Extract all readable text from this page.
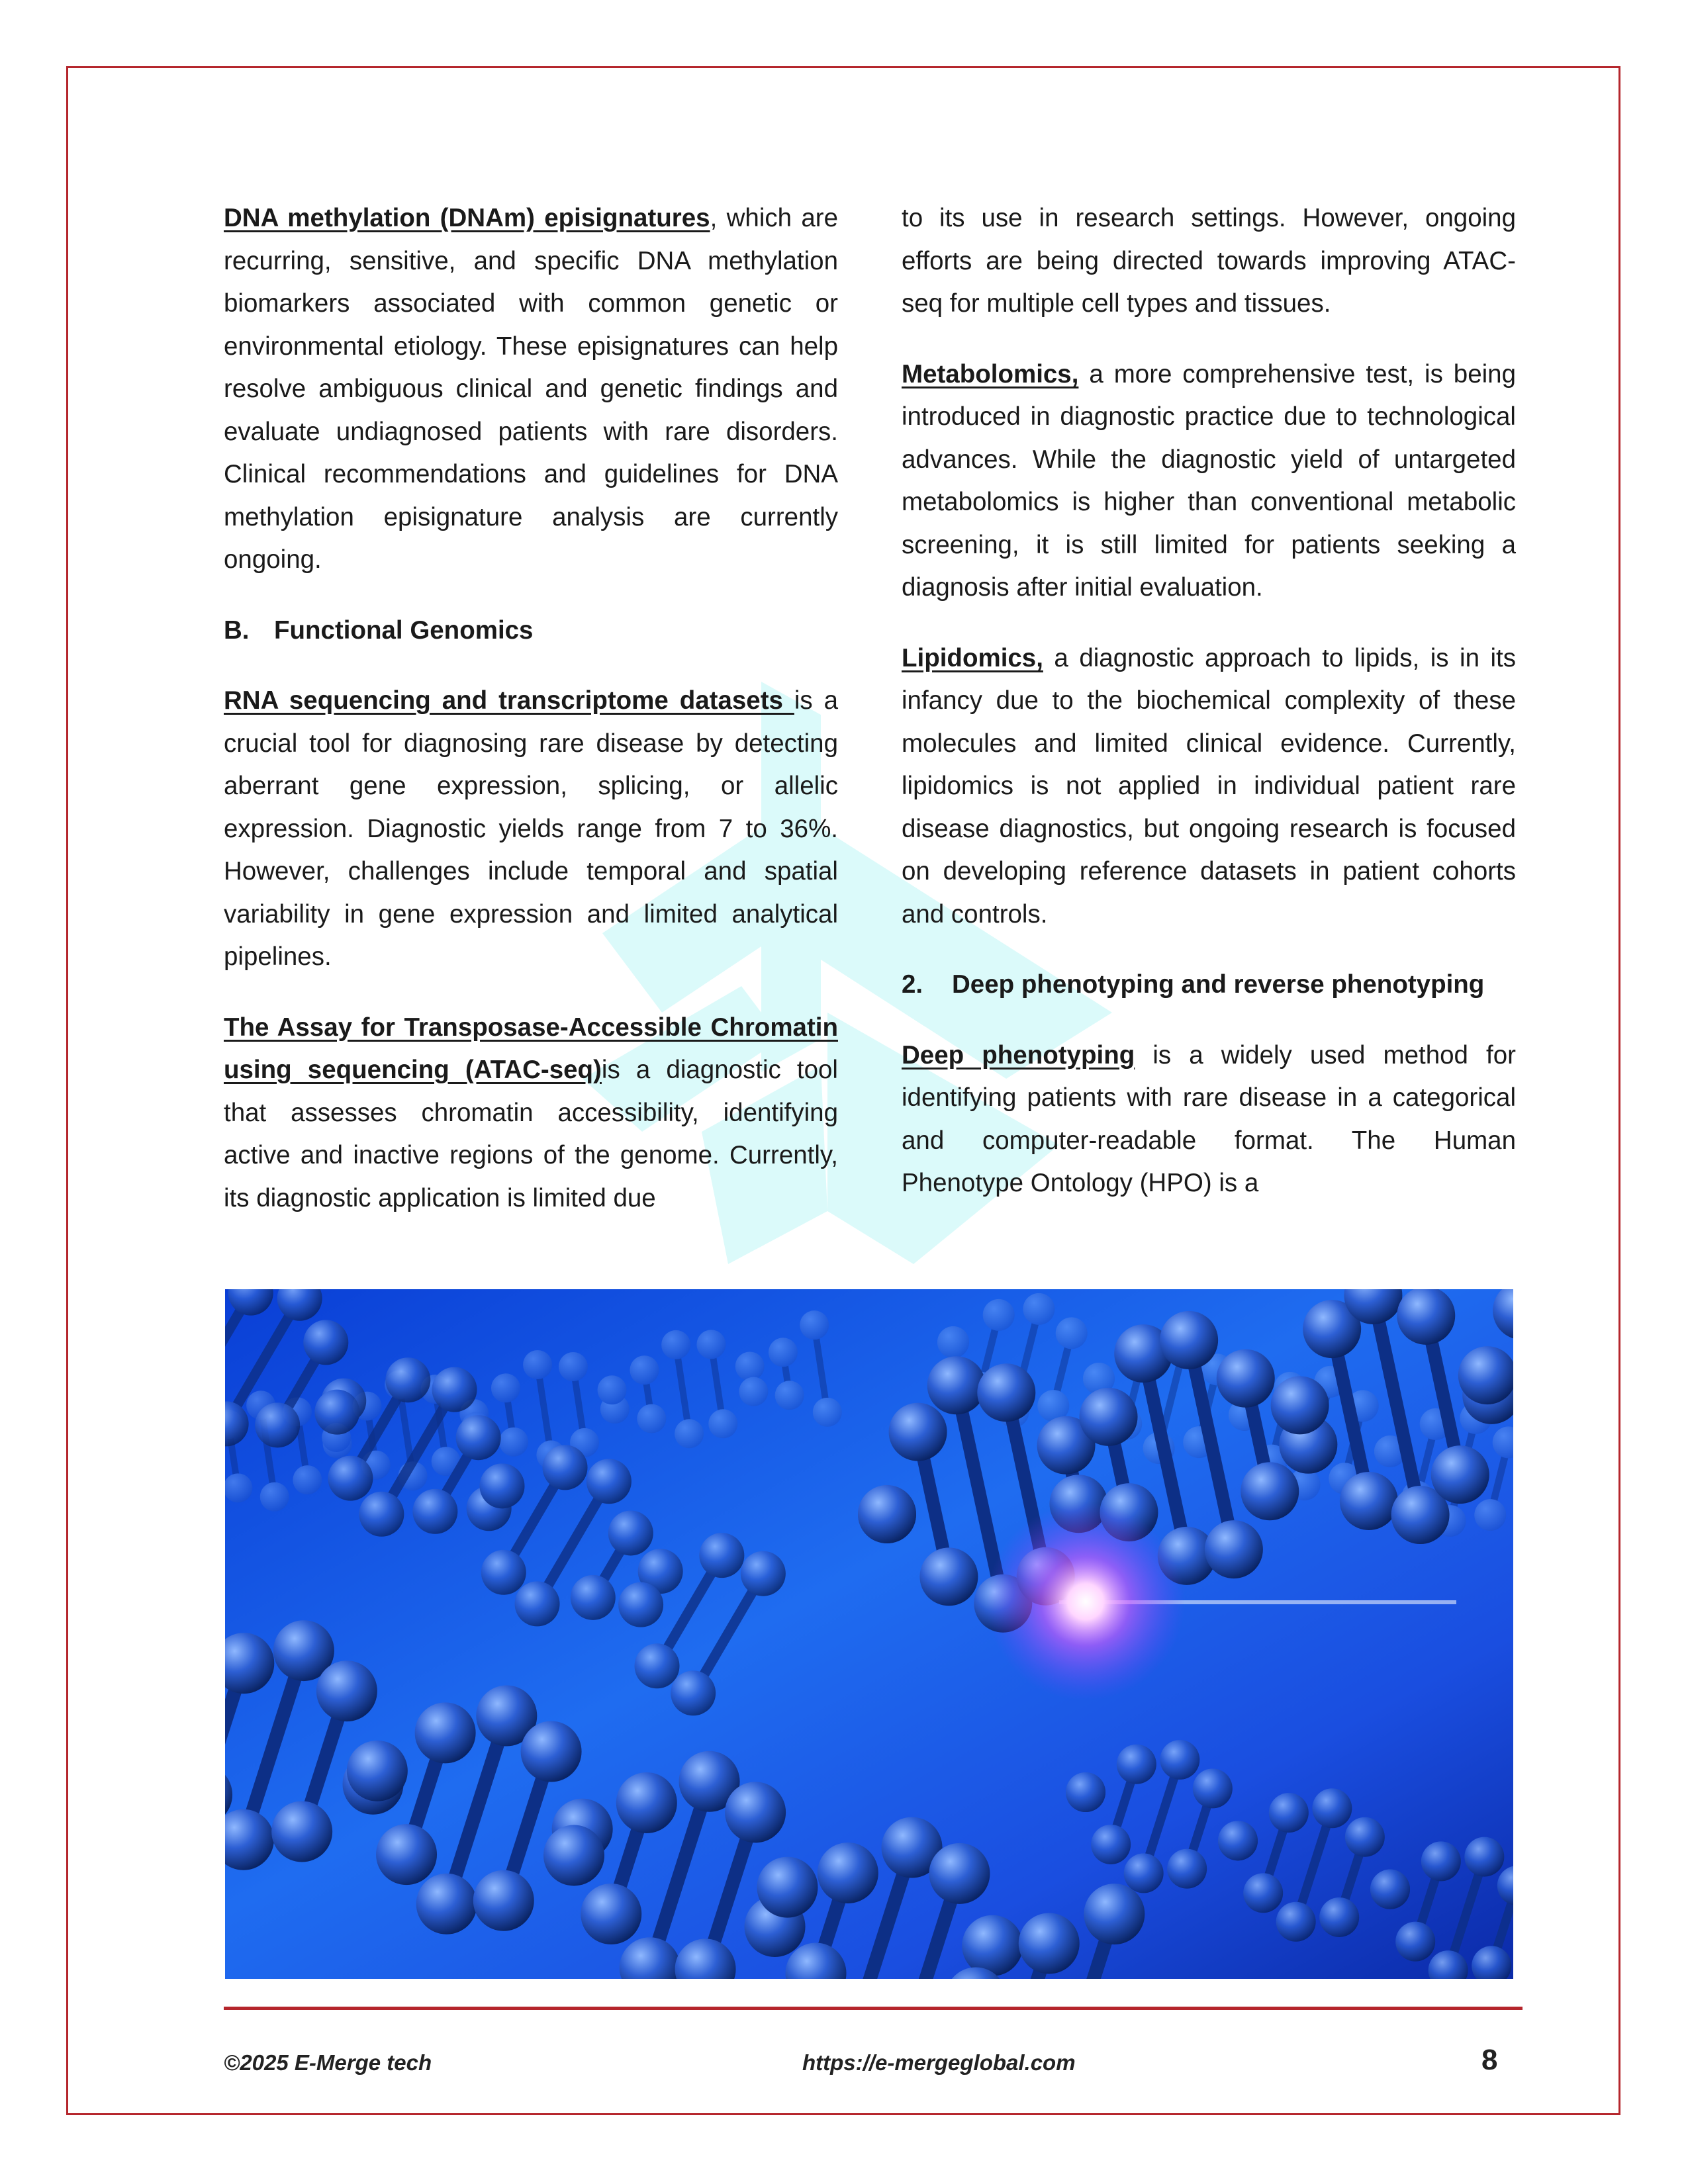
DNA methylation (DNAm) episignatures, which are recurring, sensitive, and specific DNA methylation biomarkers associated with common genetic or environmental etiology. These episignatures can help resolve ambiguous clinical and genetic findings and evaluate undiagnosed patients with rare disorders. Clinical recommendations and guidelines for DNA methylation episignature analysis are currently ongoing.

B. Functional Genomics

RNA sequencing and transcriptome datasets is a crucial tool for diagnosing rare disease by detecting aberrant gene expression, splicing, or allelic expression. Diagnostic yields range from 7 to 36%. However, challenges include temporal and spatial variability in gene expression and limited analytical pipelines.

The Assay for Transposase-Accessible Chromatin using sequencing (ATAC-seq)is a diagnostic tool that assesses chromatin accessibility, identifying active and inactive regions of the genome. Currently, its diagnostic application is limited due

to its use in research settings. However, ongoing efforts are being directed towards improving ATAC-seq for multiple cell types and tissues.

Metabolomics, a more comprehensive test, is being introduced in diagnostic practice due to technological advances. While the diagnostic yield of untargeted metabolomics is higher than conventional metabolic screening, it is still limited for patients seeking a diagnosis after initial evaluation.

Lipidomics, a diagnostic approach to lipids, is in its infancy due to the biochemical complexity of these molecules and limited clinical evidence. Currently, lipidomics is not applied in individual patient rare disease diagnostics, but ongoing research is focused on developing reference datasets in patient cohorts and controls.

2. Deep phenotyping and reverse phenotyping

Deep phenotyping is a widely used method for identifying patients with rare disease in a categorical and computer-readable format. The Human Phenotype Ontology (HPO) is a

©2025 E-Merge tech	https://e-mergeglobal.com	8
